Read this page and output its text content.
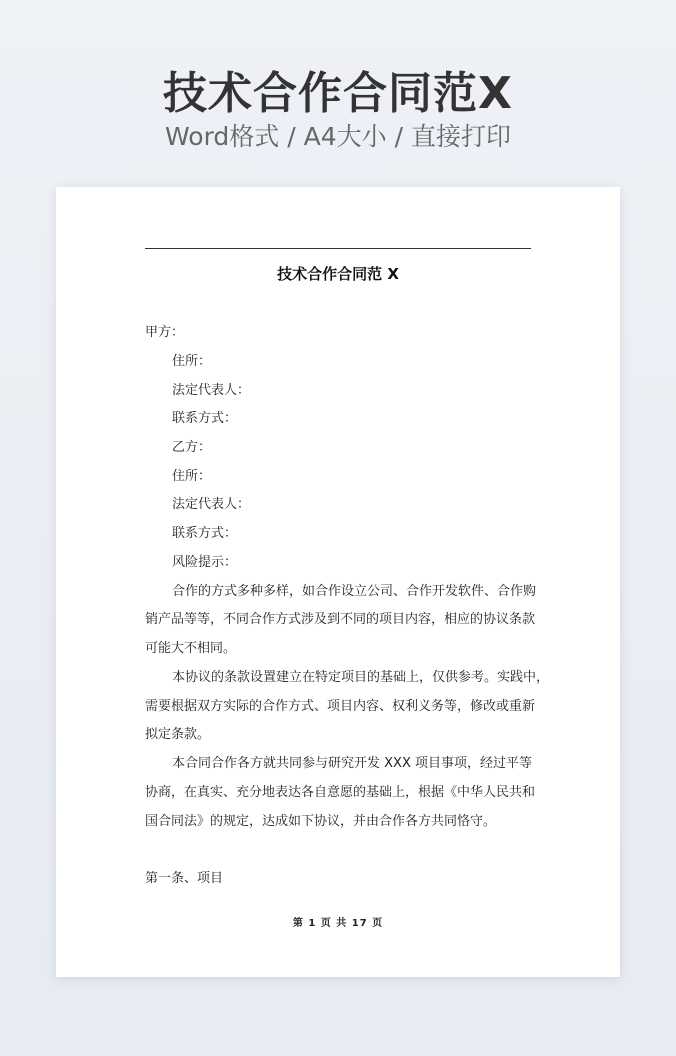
技术合作合同范X
Word格式 / A4大小 / 直接打印
技术合作合同范 X
甲方：
住所：
法定代表人：
联系方式：
乙方：
住所：
法定代表人：
联系方式：
风险提示：
合作的方式多种多样，如合作设立公司、合作开发软件、合作购
销产品等等，不同合作方式涉及到不同的项目内容，相应的协议条款
可能大不相同。
本协议的条款设置建立在特定项目的基础上，仅供参考。实践中，
需要根据双方实际的合作方式、项目内容、权利义务等，修改或重新
拟定条款。
本合同合作各方就共同参与研究开发 XXX 项目事项，经过平等
协商，在真实、充分地表达各自意愿的基础上，根据《中华人民共和
国合同法》的规定，达成如下协议，并由合作各方共同恪守。
第一条、项目
第 1 页 共 17 页
